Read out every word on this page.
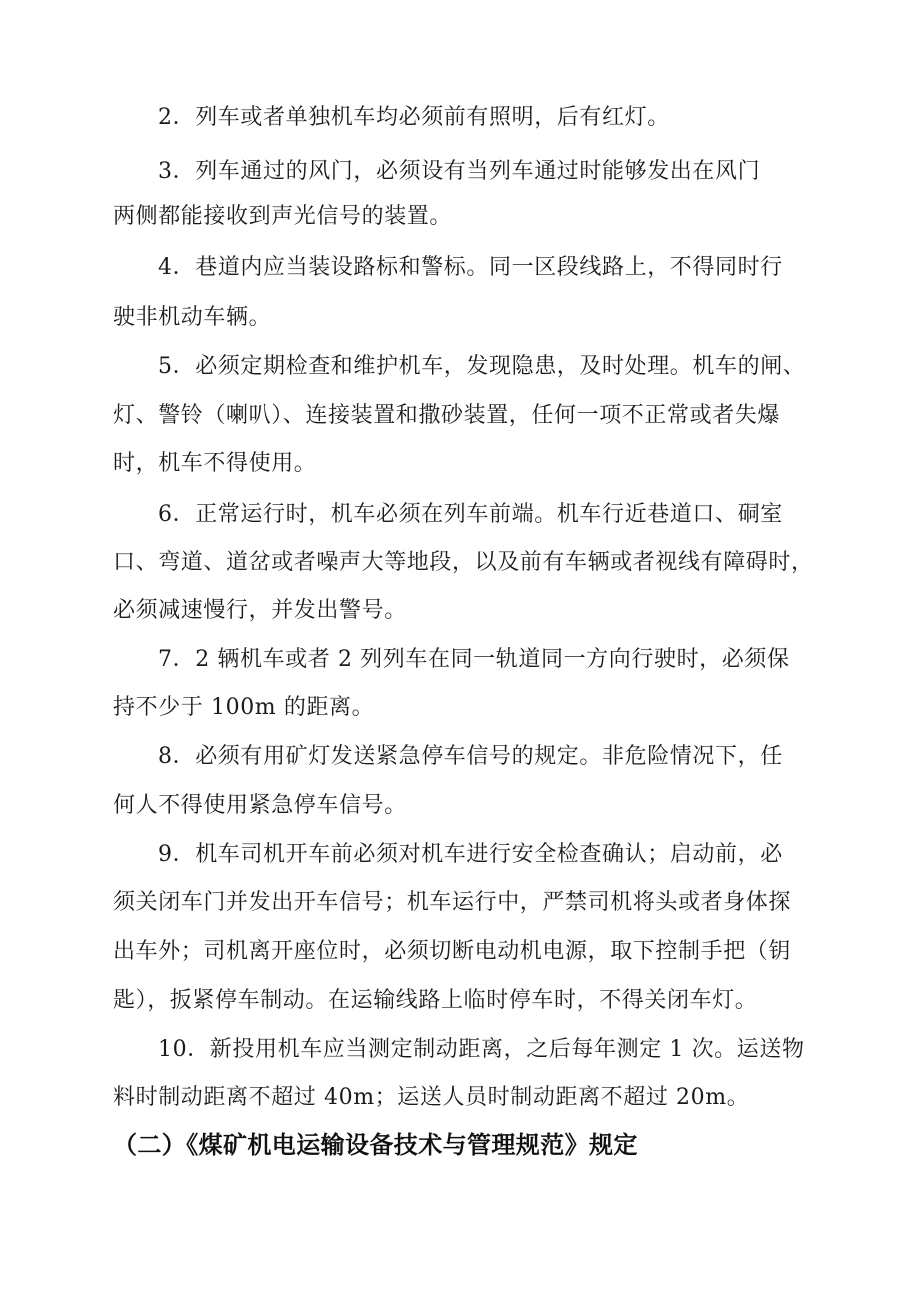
2．列车或者单独机车均必须前有照明，后有红灯。
3．列车通过的风门，必须设有当列车通过时能够发出在风门
两侧都能接收到声光信号的装置。
4．巷道内应当装设路标和警标。同一区段线路上，不得同时行
驶非机动车辆。
5．必须定期检查和维护机车，发现隐患，及时处理。机车的闸、
灯、警铃（喇叭）、连接装置和撒砂装置，任何一项不正常或者失爆
时，机车不得使用。
6．正常运行时，机车必须在列车前端。机车行近巷道口、硐室
口、弯道、道岔或者噪声大等地段，以及前有车辆或者视线有障碍时，
必须减速慢行，并发出警号。
7．2 辆机车或者 2 列列车在同一轨道同一方向行驶时，必须保
持不少于 100m 的距离。
8．必须有用矿灯发送紧急停车信号的规定。非危险情况下，任
何人不得使用紧急停车信号。
9．机车司机开车前必须对机车进行安全检查确认；启动前，必
须关闭车门并发出开车信号；机车运行中，严禁司机将头或者身体探
出车外；司机离开座位时，必须切断电动机电源，取下控制手把（钥
匙），扳紧停车制动。在运输线路上临时停车时，不得关闭车灯。
10．新投用机车应当测定制动距离，之后每年测定 1 次。运送物
料时制动距离不超过 40m；运送人员时制动距离不超过 20m。
（二）《煤矿机电运输设备技术与管理规范》规定
